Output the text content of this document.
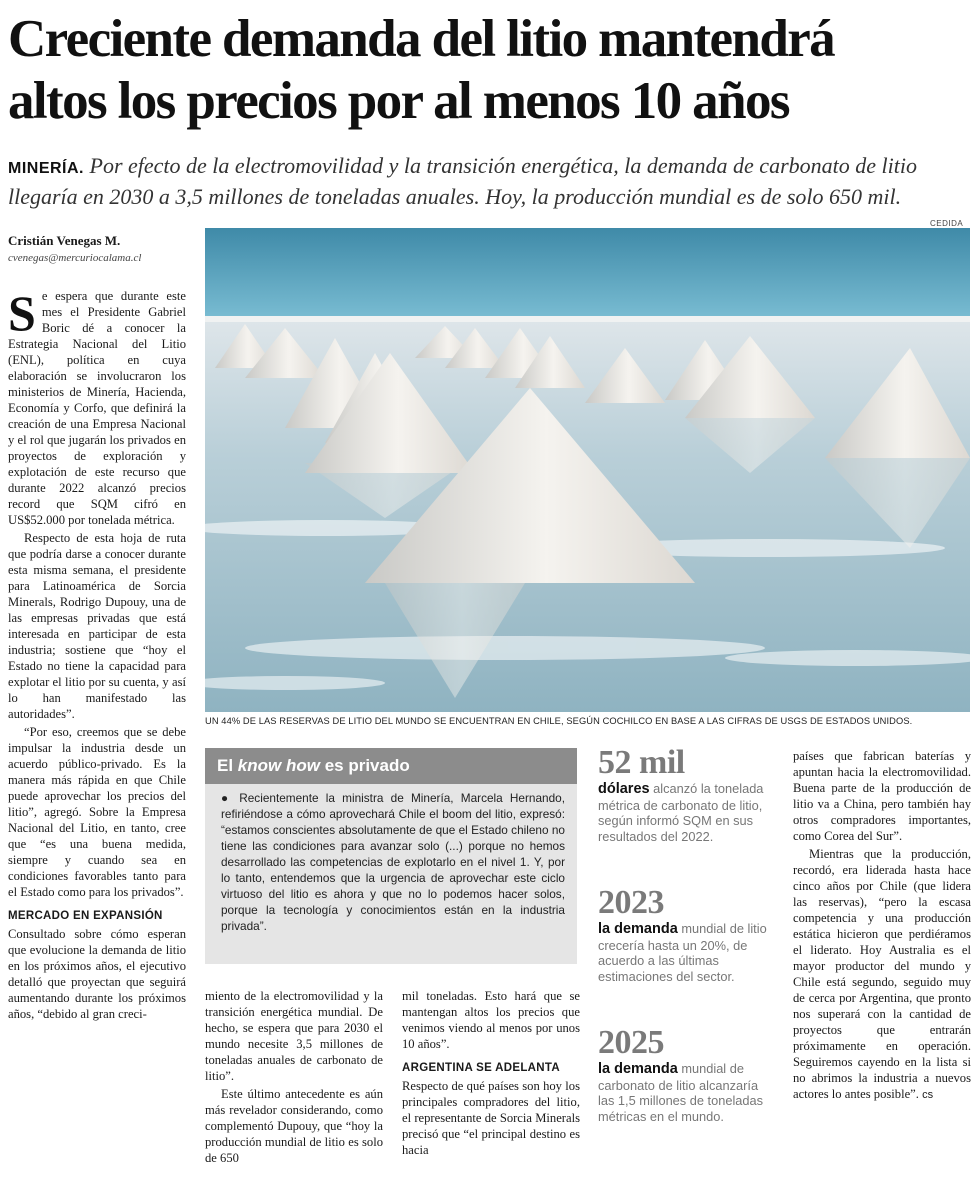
Creciente demanda del litio mantendrá
altos los precios por al menos 10 años
MINERÍA. Por efecto de la electromovilidad y la transición energética, la demanda de carbonato de litio llegaría en 2030 a 3,5 millones de toneladas anuales. Hoy, la producción mundial es de solo 650 mil.
Cristián Venegas M.
cvenegas@mercuriocalama.cl
CEDIDA
UN 44% DE LAS RESERVAS DE LITIO DEL MUNDO SE ENCUENTRAN EN CHILE, SEGÚN COCHILCO EN BASE A LAS CIFRAS DE USGS DE ESTADOS UNIDOS.

Se espera que durante este mes el Presidente Gabriel Boric dé a conocer la Estrategia Nacional del Litio (ENL), política en cuya elaboración se involucraron los ministerios de Minería, Hacienda, Economía y Corfo, que definirá la creación de una Empresa Nacional y el rol que jugarán los privados en proyectos de exploración y explotación de este recurso que durante 2022 alcanzó precios record que SQM cifró en US$52.000 por tonelada métrica.

Respecto de esta hoja de ruta que podría darse a conocer durante esta misma semana, el presidente para Latinoamérica de Sorcia Minerals, Rodrigo Dupouy, una de las empresas privadas que está interesada en participar de esta industria; sostiene que “hoy el Estado no tiene la capacidad para explotar el litio por su cuenta, y así lo han manifestado las autoridades”.

“Por eso, creemos que se debe impulsar la industria desde un acuerdo público-privado. Es la manera más rápida en que Chile puede aprovechar los precios del litio”, agregó. Sobre la Empresa Nacional del Litio, en tanto, cree que “es una buena medida, siempre y cuando sea en condiciones favorables tanto para el Estado como para los privados”.

MERCADO EN EXPANSIÓN

Consultado sobre cómo esperan que evolucione la demanda de litio en los próximos años, el ejecutivo detalló que proyectan que seguirá aumentando durante los próximos años, “debido al gran creci-

El know how es privado
● Recientemente la ministra de Minería, Marcela Hernando, refiriéndose a cómo aprovechará Chile el boom del litio, expresó: “estamos conscientes absolutamente de que el Estado chileno no tiene las condiciones para avanzar solo (...) porque no hemos desarrollado las competencias de explotarlo en el nivel 1. Y, por lo tanto, entendemos que la urgencia de aprovechar este ciclo virtuoso del litio es ahora y que no lo podemos hacer solos, porque la tecnología y conocimientos están en la industria privada”.

miento de la electromovilidad y la transición energética mundial. De hecho, se espera que para 2030 el mundo necesite 3,5 millones de toneladas anuales de carbonato de litio”.

Este último antecedente es aún más revelador considerando, como complementó Dupouy, que “hoy la producción mundial de litio es solo de 650

mil toneladas. Esto hará que se mantengan altos los precios que venimos viendo al menos por unos 10 años”.

ARGENTINA SE ADELANTA

Respecto de qué países son hoy los principales compradores del litio, el representante de Sorcia Minerals precisó que “el principal destino es hacia

52 mil
dólares alcanzó la tonelada métrica de carbonato de litio, según informó SQM en sus resultados del 2022.
2023
la demanda mundial de litio crecería hasta un 20%, de acuerdo a las últimas estimaciones del sector.
2025
la demanda mundial de carbonato de litio alcanzaría las 1,5 millones de toneladas métricas en el mundo.

países que fabrican baterías y apuntan hacia la electromovilidad. Buena parte de la producción de litio va a China, pero también hay otros compradores importantes, como Corea del Sur”.

Mientras que la producción, recordó, era liderada hasta hace cinco años por Chile (que lidera las reservas), “pero la escasa competencia y una producción estática hicieron que perdiéramos el liderato. Hoy Australia es el mayor productor del mundo y Chile está segundo, seguido muy de cerca por Argentina, que pronto nos superará con la cantidad de proyectos que entrarán próximamente en operación. Seguiremos cayendo en la lista si no abrimos la industria a nuevos actores lo antes posible”. cs
